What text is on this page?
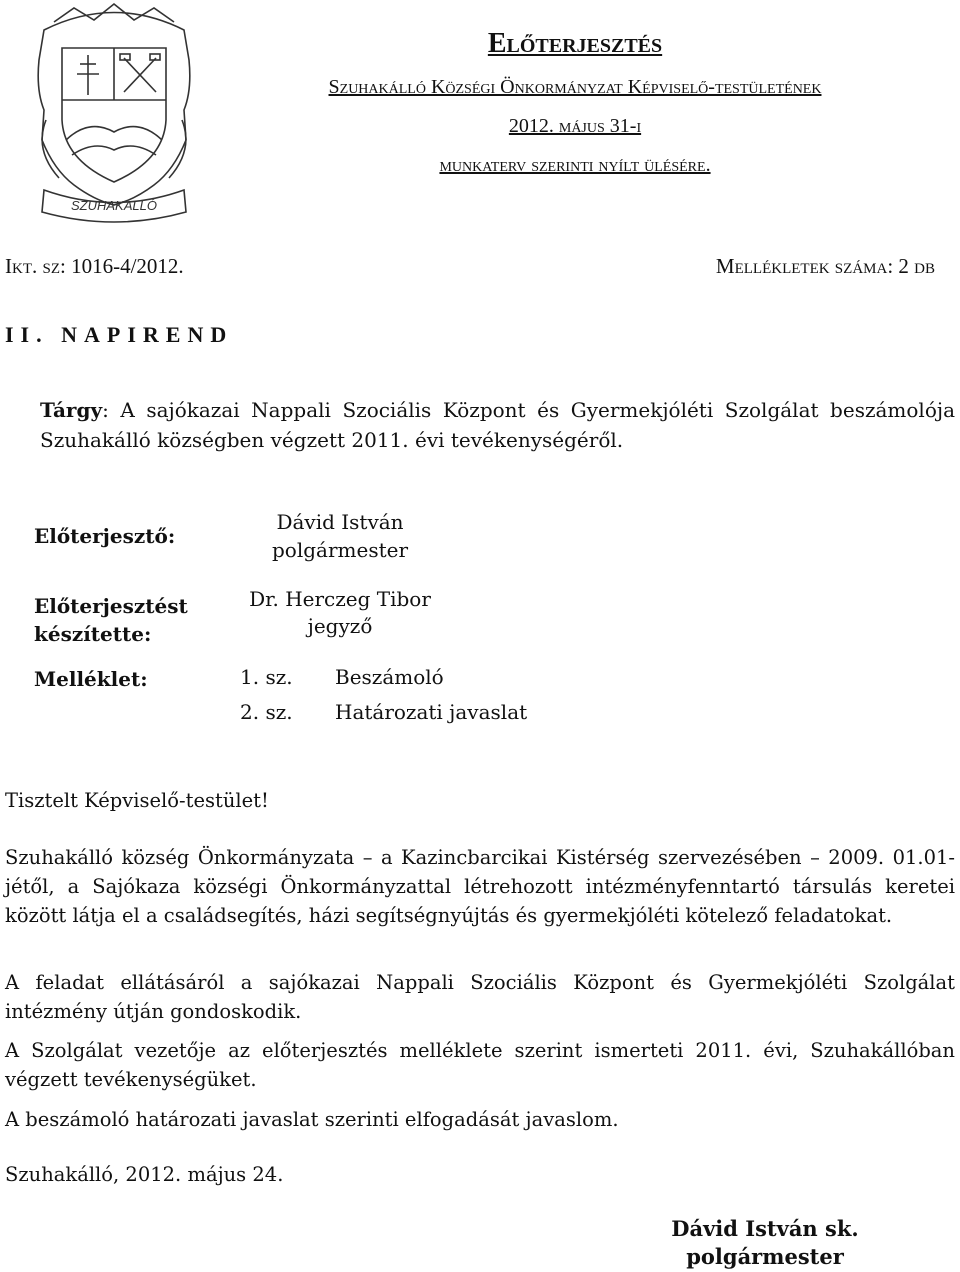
SZUHAKÁLLÓ
Előterjesztés
Szuhakálló Községi Önkormányzat Képviselő-testületének
2012. május 31-i
munkaterv szerinti nyílt ülésére.
Ikt. sz: 1016-4/2012.	Mellékletek száma: 2 db
II. NAPIREND
Tárgy: A sajókazai Nappali Szociális Központ és Gyermekjóléti Szolgálat beszámolója Szuhakálló községben végzett 2011. évi tevékenységéről.
Előterjesztő:
Dávid István
polgármester
Előterjesztést
készítette:
Dr. Herczeg Tibor
jegyző
Melléklet:	1. sz. Beszámoló
2. sz. Határozati javaslat
Tisztelt Képviselő-testület!
Szuhakálló község Önkormányzata – a Kazincbarcikai Kistérség szervezésében – 2009. 01.01-jétől, a Sajókaza községi Önkormányzattal létrehozott intézményfenntartó társulás keretei között látja el a családsegítés, házi segítségnyújtás és gyermekjóléti kötelező feladatokat.
A feladat ellátásáról a sajókazai Nappali Szociális Központ és Gyermekjóléti Szolgálat intézmény útján gondoskodik.
A Szolgálat vezetője az előterjesztés melléklete szerint ismerteti 2011. évi, Szuhakállóban végzett tevékenységüket.
A beszámoló határozati javaslat szerinti elfogadását javaslom.
Szuhakálló, 2012. május 24.
Dávid István sk.
polgármester
